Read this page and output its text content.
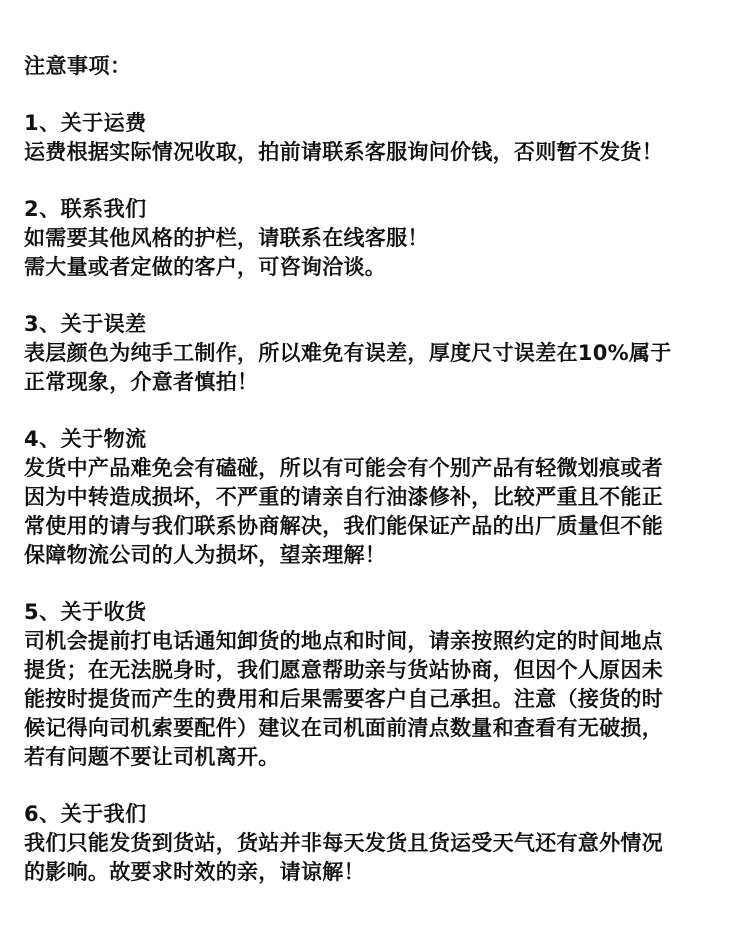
注意事项：
1、关于运费
运费根据实际情况收取，拍前请联系客服询问价钱，否则暂不发货！
2、联系我们
如需要其他风格的护栏，请联系在线客服！
需大量或者定做的客户，可咨询洽谈。
3、关于误差
表层颜色为纯手工制作，所以难免有误差，厚度尺寸误差在10%属于
正常现象，介意者慎拍！
4、关于物流
发货中产品难免会有磕碰，所以有可能会有个别产品有轻微划痕或者
因为中转造成损坏，不严重的请亲自行油漆修补，比较严重且不能正
常使用的请与我们联系协商解决，我们能保证产品的出厂质量但不能
保障物流公司的人为损坏，望亲理解！
5、关于收货
司机会提前打电话通知卸货的地点和时间，请亲按照约定的时间地点
提货；在无法脱身时，我们愿意帮助亲与货站协商，但因个人原因未
能按时提货而产生的费用和后果需要客户自己承担。注意（接货的时
候记得向司机索要配件）建议在司机面前清点数量和查看有无破损，
若有问题不要让司机离开。
6、关于我们
我们只能发货到货站，货站并非每天发货且货运受天气还有意外情况
的影响。故要求时效的亲，请谅解！
